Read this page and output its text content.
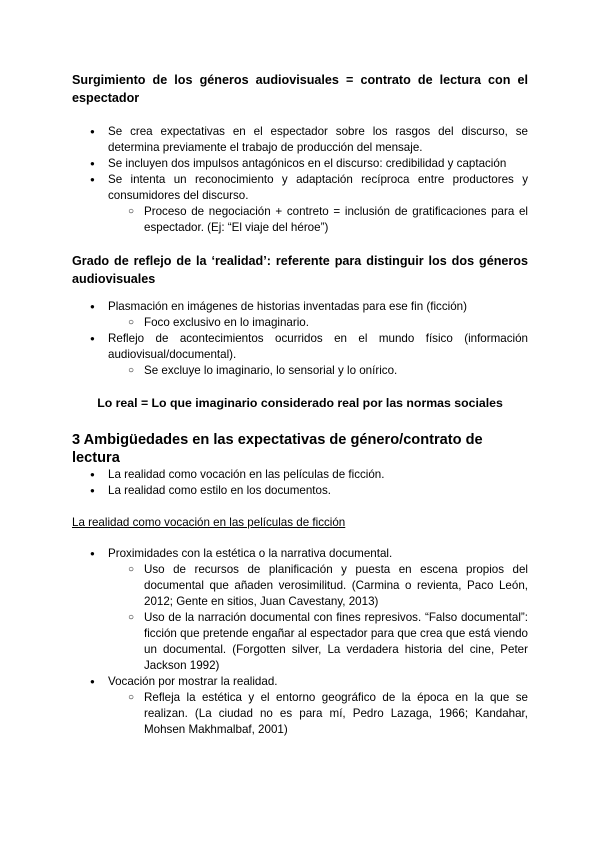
Surgimiento de los géneros audiovisuales = contrato de lectura con el espectador
● Se crea expectativas en el espectador sobre los rasgos del discurso, se determina previamente el trabajo de producción del mensaje.
● Se incluyen dos impulsos antagónicos en el discurso: credibilidad y captación
● Se intenta un reconocimiento y adaptación recíproca entre productores y consumidores del discurso.
○ Proceso de negociación + contreto = inclusión de gratificaciones para el espectador. (Ej: “El viaje del héroe”)
Grado de reflejo de la ‘realidad’: referente para distinguir los dos géneros audiovisuales
● Plasmación en imágenes de historias inventadas para ese fin (ficción)
○ Foco exclusivo en lo imaginario.
● Reflejo de acontecimientos ocurridos en el mundo físico (información audiovisual/documental).
○ Se excluye lo imaginario, lo sensorial y lo onírico.
Lo real = Lo que imaginario considerado real por las normas sociales
3 Ambigüedades en las expectativas de género/contrato de lectura
● La realidad como vocación en las películas de ficción.
● La realidad como estilo en los documentos.
La realidad como vocación en las películas de ficción
● Proximidades con la estética o la narrativa documental.
○ Uso de recursos de planificación y puesta en escena propios del documental que añaden verosimilitud. (Carmina o revienta, Paco León, 2012; Gente en sitios, Juan Cavestany, 2013)
○ Uso de la narración documental con fines represivos. “Falso documental”: ficción que pretende engañar al espectador para que crea que está viendo un documental. (Forgotten silver, La verdadera historia del cine, Peter Jackson 1992)
● Vocación por mostrar la realidad.
○ Refleja la estética y el entorno geográfico de la época en la que se realizan. (La ciudad no es para mí, Pedro Lazaga, 1966; Kandahar, Mohsen Makhmalbaf, 2001)
